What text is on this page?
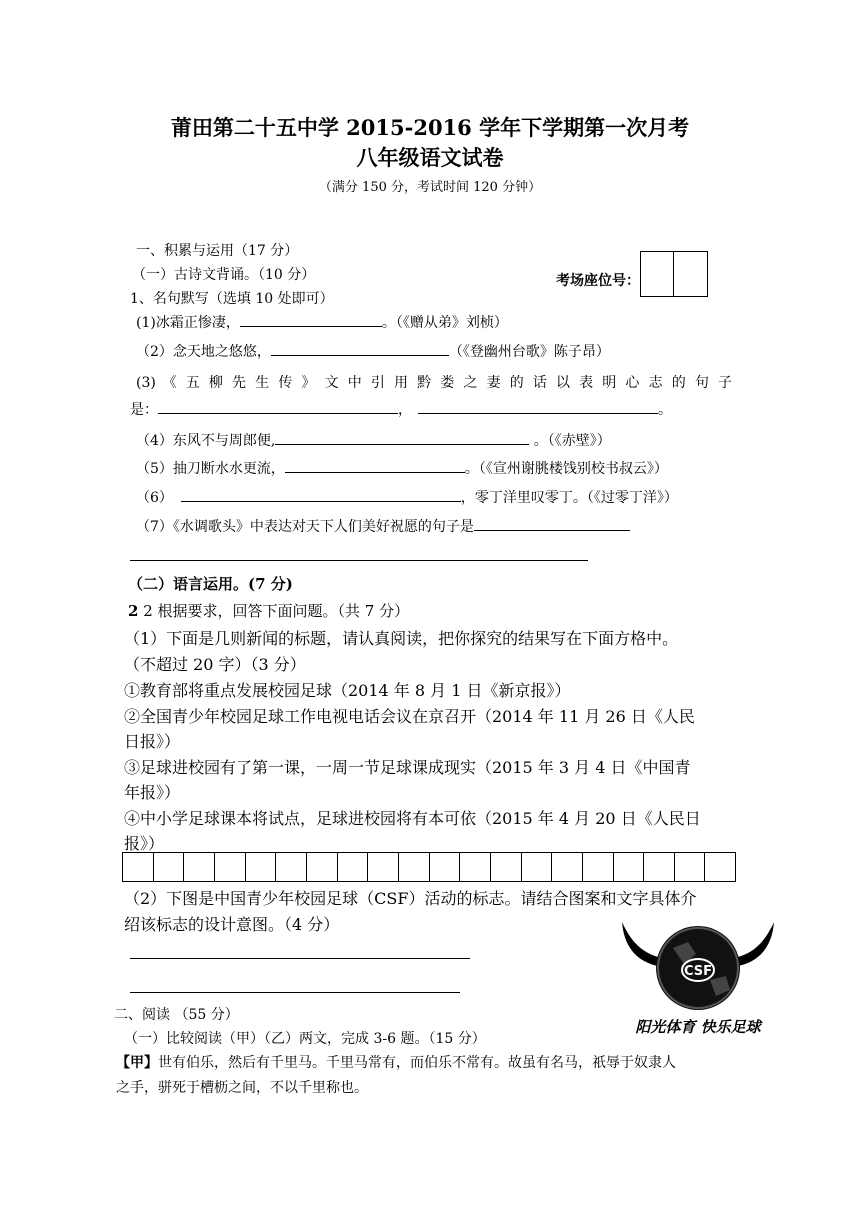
莆田第二十五中学 2015-2016 学年下学期第一次月考
八年级语文试卷
（满分 150 分，考试时间 120 分钟）
考场座位号：
一、积累与运用（17 分）
（一）古诗文背诵。（10 分）
1、名句默写（选填 10 处即可）
(1)冰霜正惨凄，	。（《赠从弟》刘桢）
（2）念天地之悠悠，	（《登幽州台歌》陈子昂）
(3) 《 五 柳 先 生 传 》 文 中 引 用 黔 娄 之 妻 的 话 以 表 明 心 志 的 句 子
是：	，	。
（4）东风不与周郎便,	。（《赤壁》）
（5）抽刀断水水更流，	。（《宣州谢朓楼饯别校书叔云》）
（6）	，零丁洋里叹零丁。（《过零丁洋》）
（7）《水调歌头》中表达对天下人们美好祝愿的句子是
（二）语言运用。(7 分)
2 2 根据要求，回答下面问题。（共 7 分）
（1）下面是几则新闻的标题，请认真阅读，把你探究的结果写在下面方格中。
（不超过 20 字）（3 分）
①教育部将重点发展校园足球（2014 年 8 月 1 日《新京报》）
②全国青少年校园足球工作电视电话会议在京召开（2014 年 11 月 26 日《人民
日报》）
③足球进校园有了第一课，一周一节足球课成现实（2015 年 3 月 4 日《中国青
年报》）
④中小学足球课本将试点，足球进校园将有本可依（2015 年 4 月 20 日《人民日
报》）
（2）下图是中国青少年校园足球（CSF）活动的标志。请结合图案和文字具体介
绍该标志的设计意图。（4 分）
CSF
阳光体育 快乐足球
二、阅读 （55 分）
（一）比较阅读（甲）（乙）两文，完成 3-6 题。（15 分）
【甲】世有伯乐，然后有千里马。千里马常有，而伯乐不常有。故虽有名马，祇辱于奴隶人
之手，骈死于槽枥之间，不以千里称也。
